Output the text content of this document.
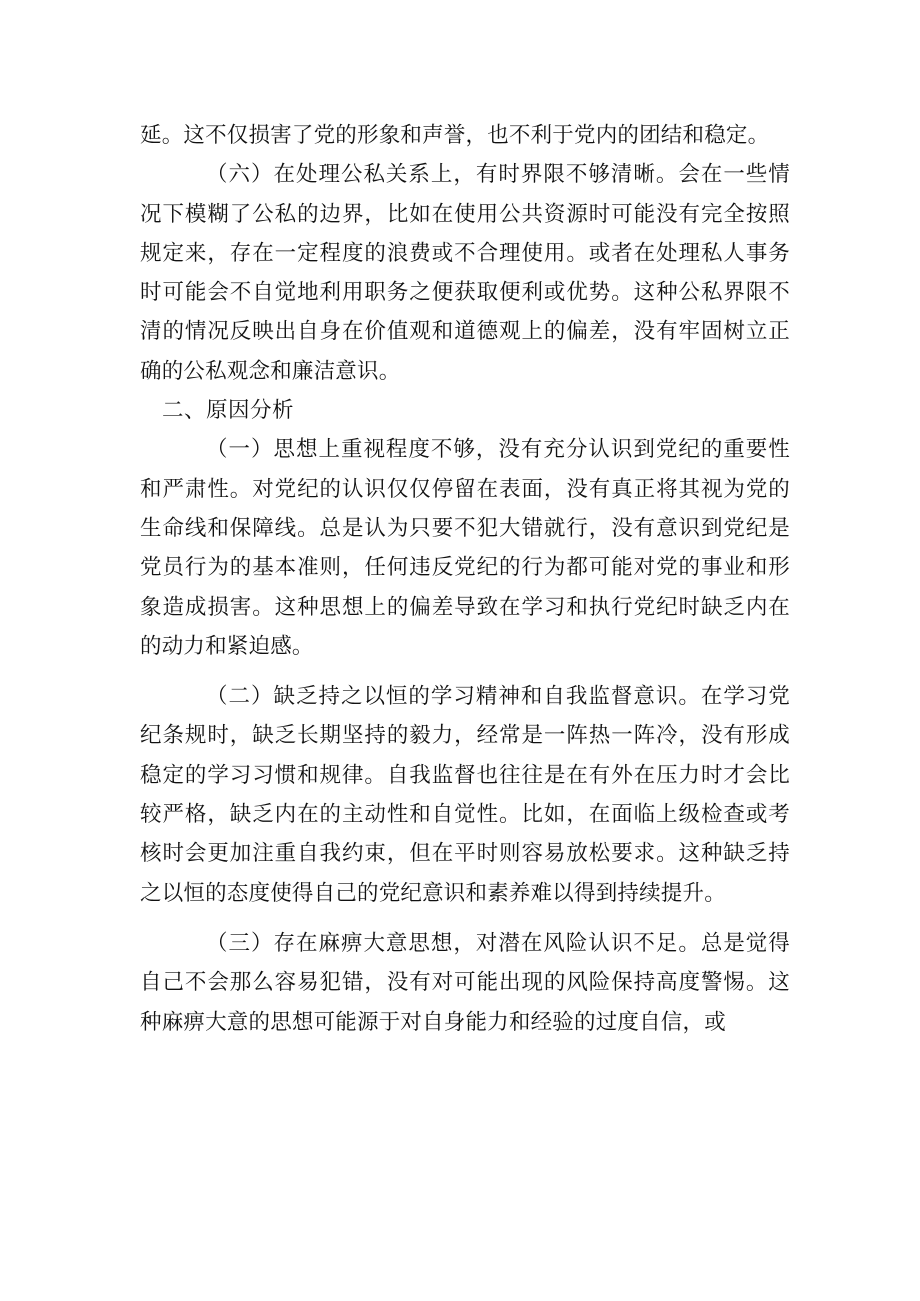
延。这不仅损害了党的形象和声誉，也不利于党内的团结和稳定。

（六）在处理公私关系上，有时界限不够清晰。会在一些情况下模糊了公私的边界，比如在使用公共资源时可能没有完全按照规定来，存在一定程度的浪费或不合理使用。或者在处理私人事务时可能会不自觉地利用职务之便获取便利或优势。这种公私界限不清的情况反映出自身在价值观和道德观上的偏差，没有牢固树立正确的公私观念和廉洁意识。

二、原因分析

（一）思想上重视程度不够，没有充分认识到党纪的重要性和严肃性。对党纪的认识仅仅停留在表面，没有真正将其视为党的生命线和保障线。总是认为只要不犯大错就行，没有意识到党纪是党员行为的基本准则，任何违反党纪的行为都可能对党的事业和形象造成损害。这种思想上的偏差导致在学习和执行党纪时缺乏内在的动力和紧迫感。

（二）缺乏持之以恒的学习精神和自我监督意识。在学习党纪条规时，缺乏长期坚持的毅力，经常是一阵热一阵冷，没有形成稳定的学习习惯和规律。自我监督也往往是在有外在压力时才会比较严格，缺乏内在的主动性和自觉性。比如，在面临上级检查或考核时会更加注重自我约束，但在平时则容易放松要求。这种缺乏持之以恒的态度使得自己的党纪意识和素养难以得到持续提升。

（三）存在麻痹大意思想，对潜在风险认识不足。总是觉得自己不会那么容易犯错，没有对可能出现的风险保持高度警惕。这种麻痹大意的思想可能源于对自身能力和经验的过度自信，或
